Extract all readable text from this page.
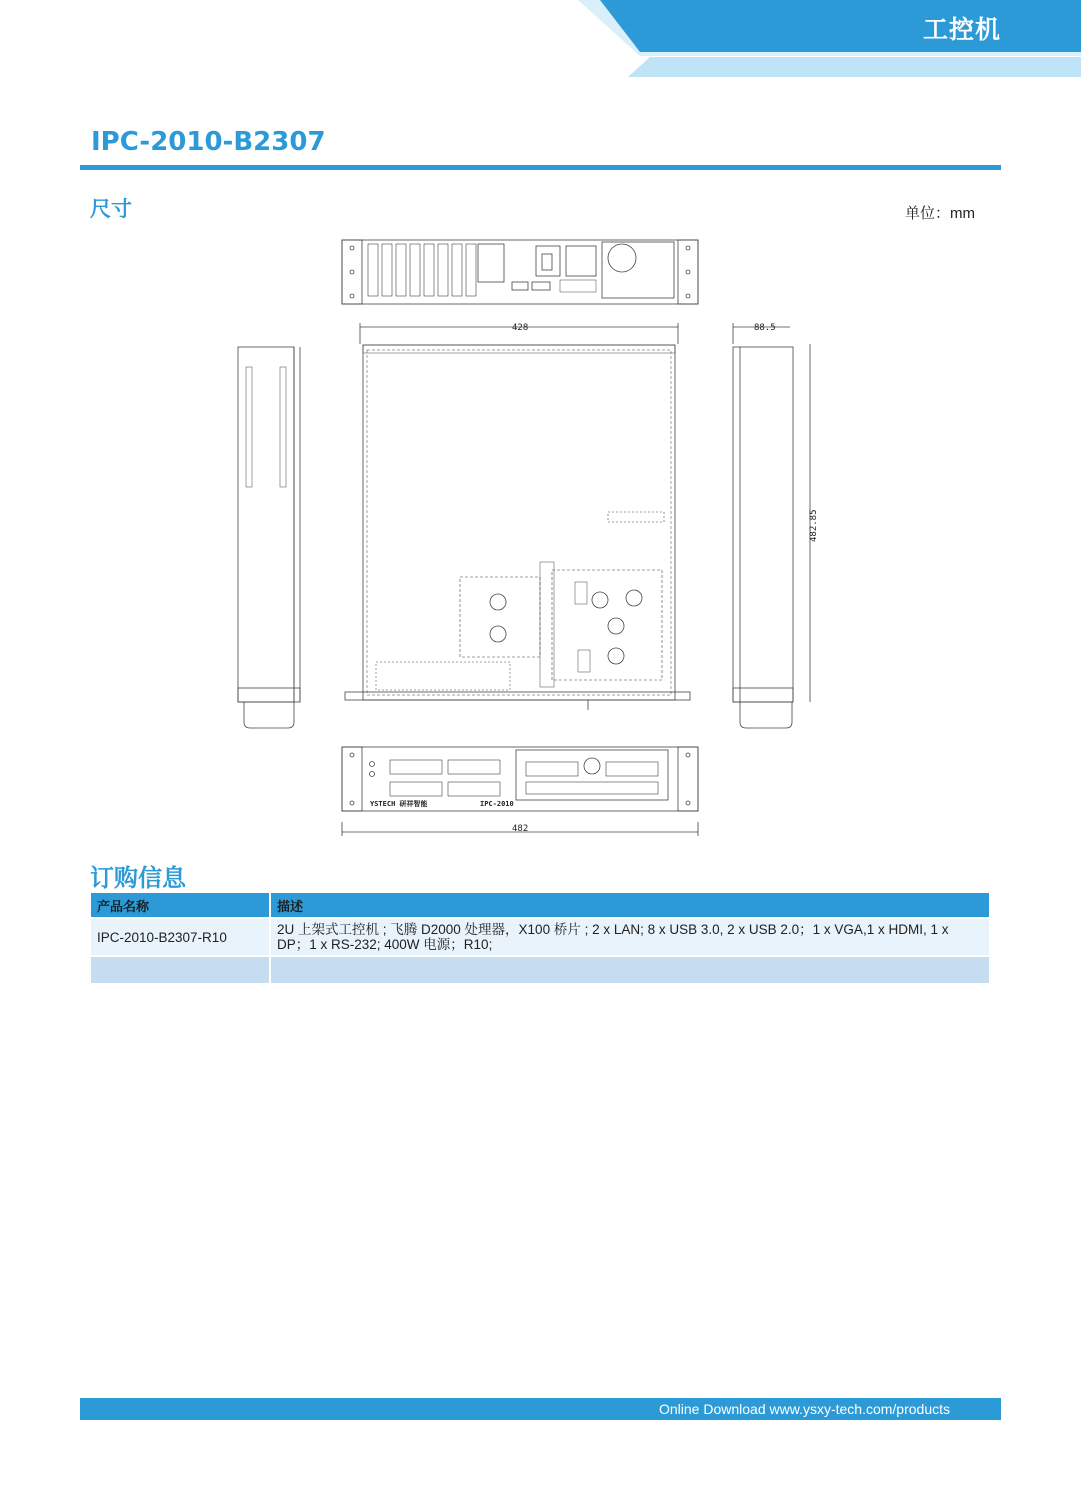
工控机
IPC-2010-B2307
尺寸	单位：mm
428	88.5
482.85
482
YSTECH 研祥智能	IPC-2010
订购信息
产品名称	描述
IPC-2010-B2307-R10	2U 上架式工控机 ; 飞腾 D2000 处理器，X100 桥片 ; 2 x LAN; 8 x USB 3.0, 2 x USB 2.0；1 x VGA,1 x HDMI, 1 x DP；1 x RS-232; 400W 电源；R10;

Online Download www.ysxy-tech.com/products
